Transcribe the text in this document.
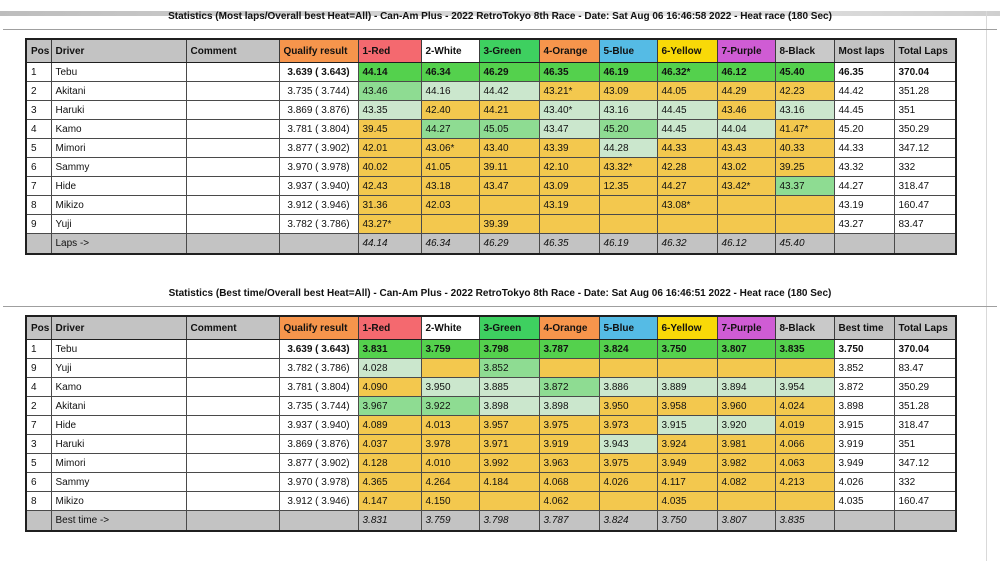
Statistics (Most laps/Overall best Heat=All) - Can-Am Plus - 2022 RetroTokyo 8th Race - Date: Sat Aug 06 16:46:58 2022 - Heat race (180 Sec)
Pos	Driver	Comment	Qualify result	1-Red	2-White	3-Green	4-Orange	5-Blue	6-Yellow	7-Purple	8-Black	Most laps	Total Laps
1	Tebu		3.639 ( 3.643)	44.14	46.34	46.29	46.35	46.19	46.32*	46.12	45.40	46.35	370.04
2	Akitani		3.735 ( 3.744)	43.46	44.16	44.42	43.21*	43.09	44.05	44.29	42.23	44.42	351.28
3	Haruki		3.869 ( 3.876)	43.35	42.40	44.21	43.40*	43.16	44.45	43.46	43.16	44.45	351
4	Kamo		3.781 ( 3.804)	39.45	44.27	45.05	43.47	45.20	44.45	44.04	41.47*	45.20	350.29
5	Mimori		3.877 ( 3.902)	42.01	43.06*	43.40	43.39	44.28	44.33	43.43	40.33	44.33	347.12
6	Sammy		3.970 ( 3.978)	40.02	41.05	39.11	42.10	43.32*	42.28	43.02	39.25	43.32	332
7	Hide		3.937 ( 3.940)	42.43	43.18	43.47	43.09	12.35	44.27	43.42*	43.37	44.27	318.47
8	Mikizo		3.912 ( 3.946)	31.36	42.03		43.19		43.08*			43.19	160.47
9	Yuji		3.782 ( 3.786)	43.27*		39.39						43.27	83.47
	Laps ->			44.14	46.34	46.29	46.35	46.19	46.32	46.12	45.40		
Statistics (Best time/Overall best Heat=All) - Can-Am Plus - 2022 RetroTokyo 8th Race - Date: Sat Aug 06 16:46:51 2022 - Heat race (180 Sec)
Pos	Driver	Comment	Qualify result	1-Red	2-White	3-Green	4-Orange	5-Blue	6-Yellow	7-Purple	8-Black	Best time	Total Laps
1	Tebu		3.639 ( 3.643)	3.831	3.759	3.798	3.787	3.824	3.750	3.807	3.835	3.750	370.04
9	Yuji		3.782 ( 3.786)	4.028		3.852						3.852	83.47
4	Kamo		3.781 ( 3.804)	4.090	3.950	3.885	3.872	3.886	3.889	3.894	3.954	3.872	350.29
2	Akitani		3.735 ( 3.744)	3.967	3.922	3.898	3.898	3.950	3.958	3.960	4.024	3.898	351.28
7	Hide		3.937 ( 3.940)	4.089	4.013	3.957	3.975	3.973	3.915	3.920	4.019	3.915	318.47
3	Haruki		3.869 ( 3.876)	4.037	3.978	3.971	3.919	3.943	3.924	3.981	4.066	3.919	351
5	Mimori		3.877 ( 3.902)	4.128	4.010	3.992	3.963	3.975	3.949	3.982	4.063	3.949	347.12
6	Sammy		3.970 ( 3.978)	4.365	4.264	4.184	4.068	4.026	4.117	4.082	4.213	4.026	332
8	Mikizo		3.912 ( 3.946)	4.147	4.150		4.062		4.035			4.035	160.47
	Best time ->			3.831	3.759	3.798	3.787	3.824	3.750	3.807	3.835		
